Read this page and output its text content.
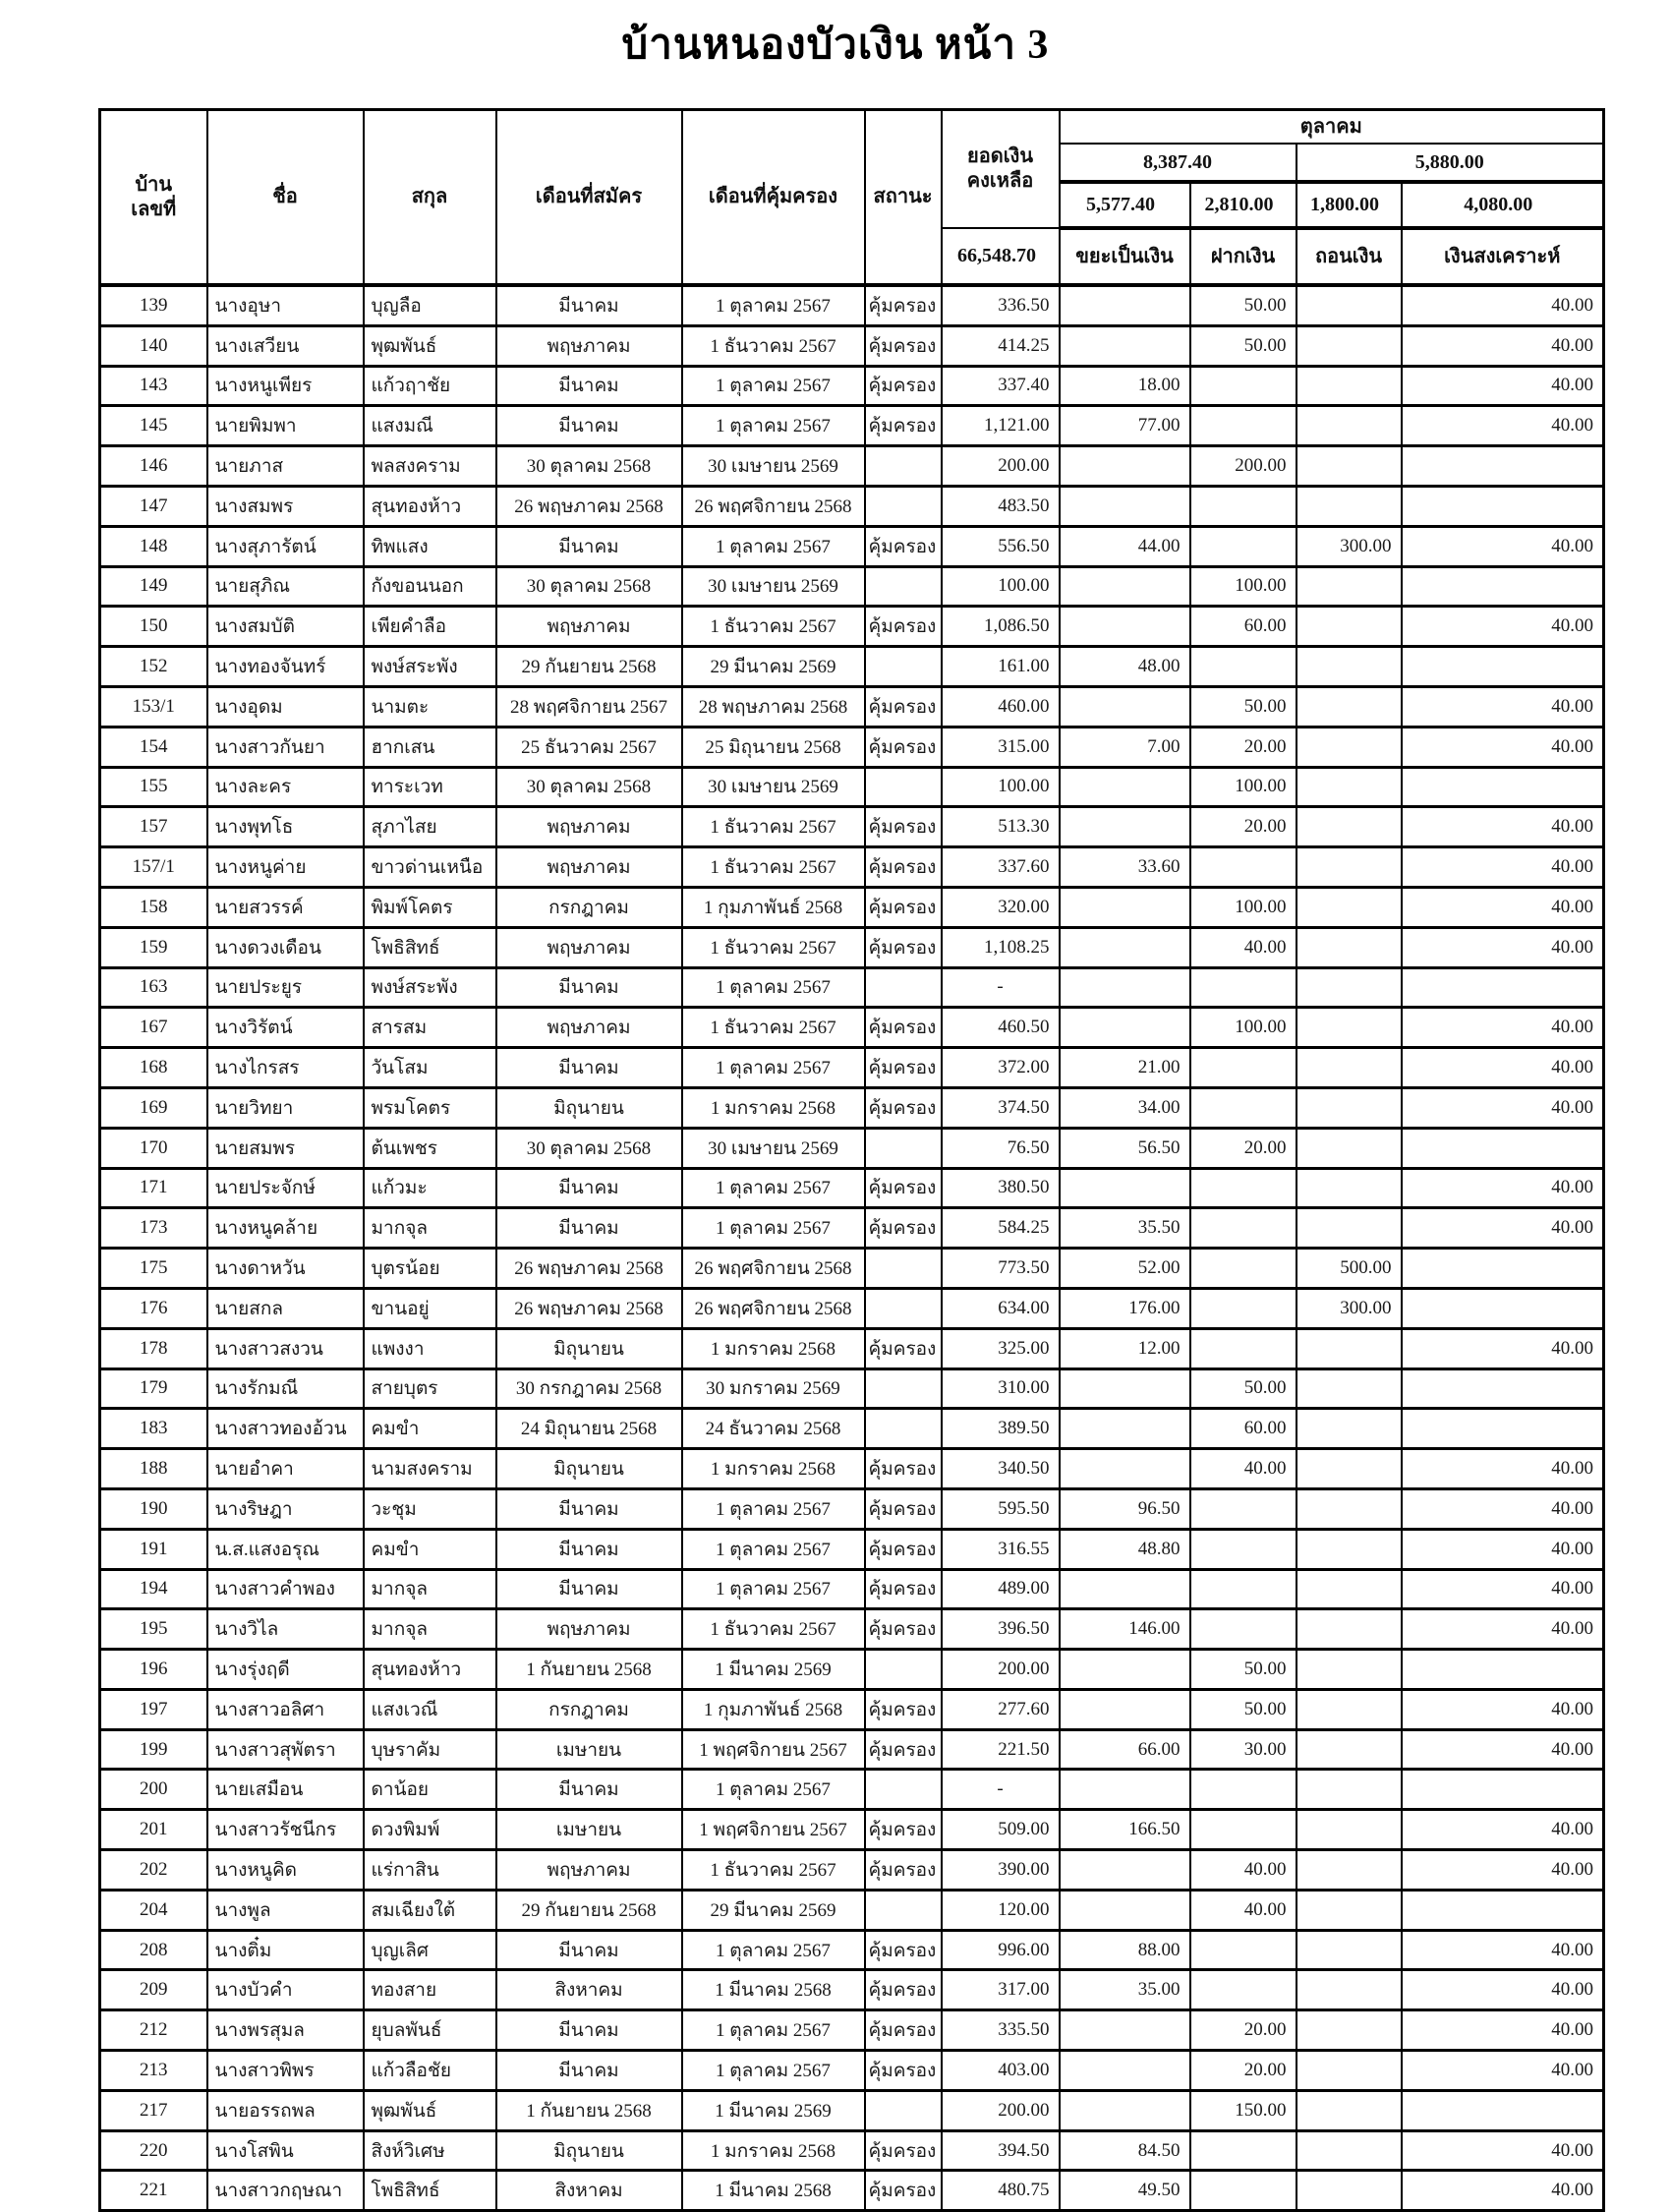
บ้านหนองบัวเงิน หน้า 3
บ้าน
เลขที่	ชื่อ	สกุล	เดือนที่สมัคร	เดือนที่คุ้มครอง	สถานะ	ยอดเงิน
คงเหลือ	ตุลาคม			
							8,387.40		5,880.00	
							5,577.40	2,810.00	1,800.00	4,080.00
						66,548.70	ขยะเป็นเงิน	ฝากเงิน	ถอนเงิน	เงินสงเคราะห์
139	นางอุษา	บุญลือ	มีนาคม	1 ตุลาคม 2567	คุ้มครอง	336.50		50.00		40.00
140	นางเสวียน	พุฒพันธ์	พฤษภาคม	1 ธันวาคม 2567	คุ้มครอง	414.25		50.00		40.00
143	นางหนูเพียร	แก้วฤาชัย	มีนาคม	1 ตุลาคม 2567	คุ้มครอง	337.40	18.00			40.00
145	นายพิมพา	แสงมณี	มีนาคม	1 ตุลาคม 2567	คุ้มครอง	1,121.00	77.00			40.00
146	นายภาส	พลสงคราม	30 ตุลาคม 2568	30 เมษายน 2569		200.00		200.00		
147	นางสมพร	สุนทองห้าว	26 พฤษภาคม 2568	26 พฤศจิกายน 2568		483.50				
148	นางสุภารัตน์	ทิพแสง	มีนาคม	1 ตุลาคม 2567	คุ้มครอง	556.50	44.00		300.00	40.00
149	นายสุภิณ	กังขอนนอก	30 ตุลาคม 2568	30 เมษายน 2569		100.00		100.00		
150	นางสมบัติ	เพียคำลือ	พฤษภาคม	1 ธันวาคม 2567	คุ้มครอง	1,086.50		60.00		40.00
152	นางทองจันทร์	พงษ์สระพัง	29 กันยายน 2568	29 มีนาคม 2569		161.00	48.00			
153/1	นางอุดม	นามตะ	28 พฤศจิกายน 2567	28 พฤษภาคม 2568	คุ้มครอง	460.00		50.00		40.00
154	นางสาวกันยา	ฮากเสน	25 ธันวาคม 2567	25 มิถุนายน 2568	คุ้มครอง	315.00	7.00	20.00		40.00
155	นางละคร	ทาระเวท	30 ตุลาคม 2568	30 เมษายน 2569		100.00		100.00		
157	นางพุทโธ	สุภาไสย	พฤษภาคม	1 ธันวาคม 2567	คุ้มครอง	513.30		20.00		40.00
157/1	นางหนูค่าย	ขาวด่านเหนือ	พฤษภาคม	1 ธันวาคม 2567	คุ้มครอง	337.60	33.60			40.00
158	นายสวรรค์	พิมพ์โคตร	กรกฎาคม	1 กุมภาพันธ์ 2568	คุ้มครอง	320.00		100.00		40.00
159	นางดวงเดือน	โพธิสิทธ์	พฤษภาคม	1 ธันวาคม 2567	คุ้มครอง	1,108.25		40.00		40.00
163	นายประยูร	พงษ์สระพัง	มีนาคม	1 ตุลาคม 2567		-				
167	นางวิรัตน์	สารสม	พฤษภาคม	1 ธันวาคม 2567	คุ้มครอง	460.50		100.00		40.00
168	นางไกรสร	วันโสม	มีนาคม	1 ตุลาคม 2567	คุ้มครอง	372.00	21.00			40.00
169	นายวิทยา	พรมโคตร	มิถุนายน	1 มกราคม 2568	คุ้มครอง	374.50	34.00			40.00
170	นายสมพร	ต้นเพชร	30 ตุลาคม 2568	30 เมษายน 2569		76.50	56.50	20.00		
171	นายประจักษ์	แก้วมะ	มีนาคม	1 ตุลาคม 2567	คุ้มครอง	380.50				40.00
173	นางหนูคล้าย	มากจุล	มีนาคม	1 ตุลาคม 2567	คุ้มครอง	584.25	35.50			40.00
175	นางดาหวัน	บุตรน้อย	26 พฤษภาคม 2568	26 พฤศจิกายน 2568		773.50	52.00		500.00	
176	นายสกล	ขานอยู่	26 พฤษภาคม 2568	26 พฤศจิกายน 2568		634.00	176.00		300.00	
178	นางสาวสงวน	แพงงา	มิถุนายน	1 มกราคม 2568	คุ้มครอง	325.00	12.00			40.00
179	นางรักมณี	สายบุตร	30 กรกฎาคม 2568	30 มกราคม 2569		310.00		50.00		
183	นางสาวทองอ้วน	คมขำ	24 มิถุนายน 2568	24 ธันวาคม 2568		389.50		60.00		
188	นายอำคา	นามสงคราม	มิถุนายน	1 มกราคม 2568	คุ้มครอง	340.50		40.00		40.00
190	นางริษฎา	วะชุม	มีนาคม	1 ตุลาคม 2567	คุ้มครอง	595.50	96.50			40.00
191	น.ส.แสงอรุณ	คมขำ	มีนาคม	1 ตุลาคม 2567	คุ้มครอง	316.55	48.80			40.00
194	นางสาวคำพอง	มากจุล	มีนาคม	1 ตุลาคม 2567	คุ้มครอง	489.00				40.00
195	นางวิไล	มากจุล	พฤษภาคม	1 ธันวาคม 2567	คุ้มครอง	396.50	146.00			40.00
196	นางรุ่งฤดี	สุนทองห้าว	1 กันยายน 2568	1 มีนาคม 2569		200.00		50.00		
197	นางสาวอลิศา	แสงเวณี	กรกฎาคม	1 กุมภาพันธ์ 2568	คุ้มครอง	277.60		50.00		40.00
199	นางสาวสุพัตรา	บุษราคัม	เมษายน	1 พฤศจิกายน 2567	คุ้มครอง	221.50	66.00	30.00		40.00
200	นายเสมือน	ดาน้อย	มีนาคม	1 ตุลาคม 2567		-				
201	นางสาวรัชนีกร	ดวงพิมพ์	เมษายน	1 พฤศจิกายน 2567	คุ้มครอง	509.00	166.50			40.00
202	นางหนูคิด	แร่กาสิน	พฤษภาคม	1 ธันวาคม 2567	คุ้มครอง	390.00		40.00		40.00
204	นางพูล	สมเฉียงใต้	29 กันยายน 2568	29 มีนาคม 2569		120.00		40.00		
208	นางติ๋ม	บุญเลิศ	มีนาคม	1 ตุลาคม 2567	คุ้มครอง	996.00	88.00			40.00
209	นางบัวคำ	ทองสาย	สิงหาคม	1 มีนาคม 2568	คุ้มครอง	317.00	35.00			40.00
212	นางพรสุมล	ยุบลพันธ์	มีนาคม	1 ตุลาคม 2567	คุ้มครอง	335.50		20.00		40.00
213	นางสาวพิพร	แก้วลือชัย	มีนาคม	1 ตุลาคม 2567	คุ้มครอง	403.00		20.00		40.00
217	นายอรรถพล	พุฒพันธ์	1 กันยายน 2568	1 มีนาคม 2569		200.00		150.00		
220	นางโสพิน	สิงห์วิเศษ	มิถุนายน	1 มกราคม 2568	คุ้มครอง	394.50	84.50			40.00
221	นางสาวกฤษณา	โพธิสิทธ์	สิงหาคม	1 มีนาคม 2568	คุ้มครอง	480.75	49.50			40.00
